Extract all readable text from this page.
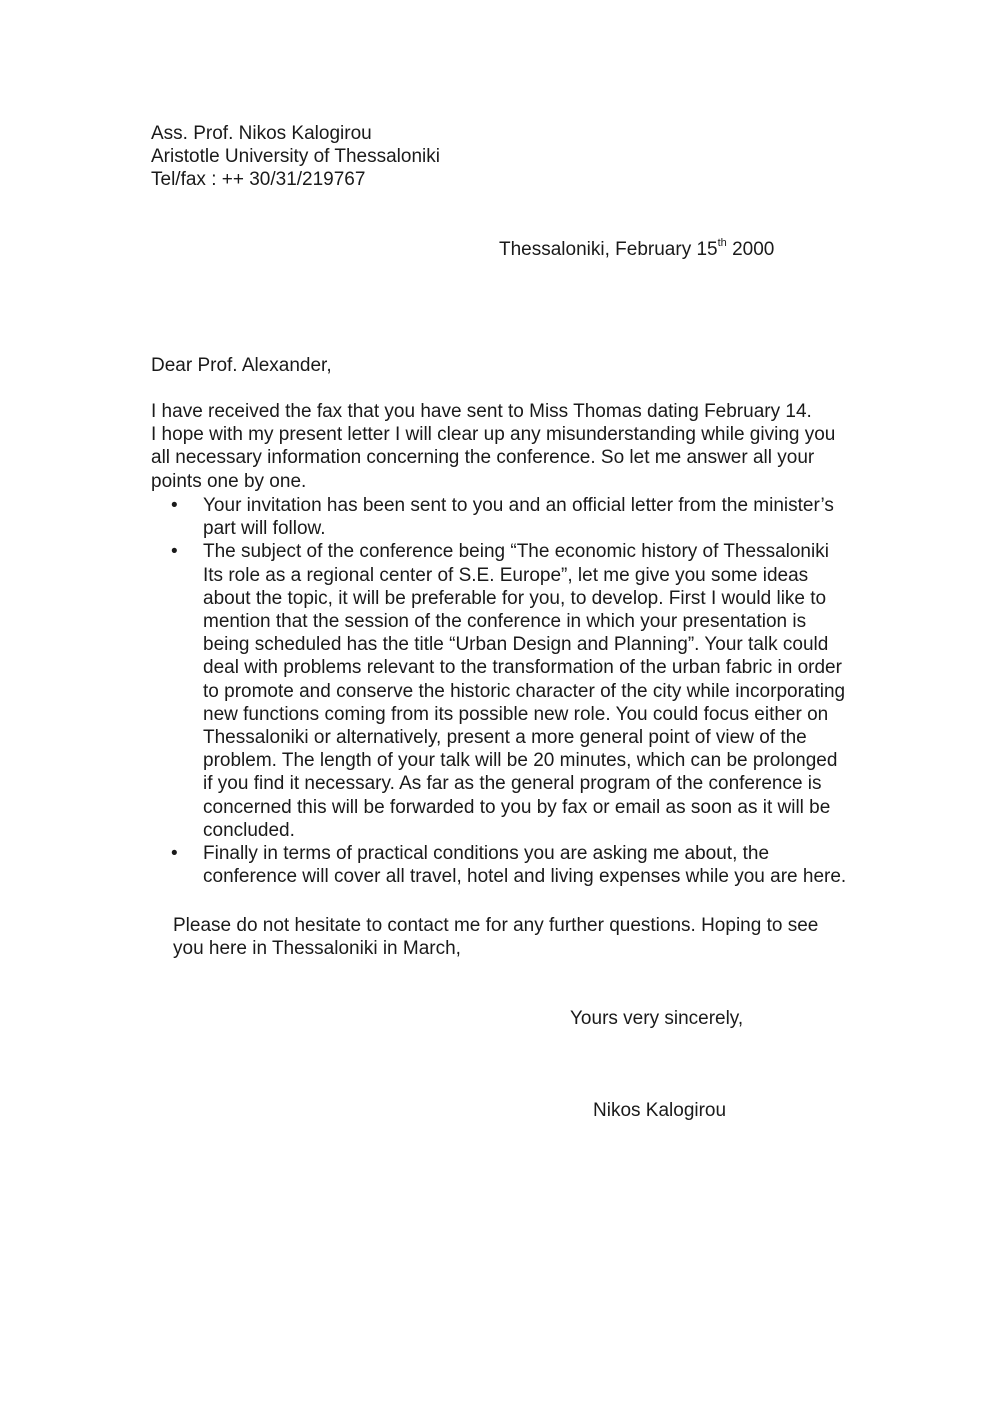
Ass. Prof. Nikos Kalogirou
Aristotle University of Thessaloniki
Tel/fax : ++ 30/31/219767
Thessaloniki, February 15th 2000
Dear Prof. Alexander,
I have received the fax that you have sent to Miss Thomas dating February 14.
I hope with my present letter I will clear up any misunderstanding while giving you
all necessary information concerning the conference. So let me answer all your
points one by one.
• Your invitation has been sent to you and an official letter from the minister’s
part will follow.
• The subject of the conference being “The economic history of Thessaloniki
Its role as a regional center of S.E. Europe”, let me give you some ideas
about the topic, it will be preferable for you, to develop. First I would like to
mention that the session of the conference in which your presentation is
being scheduled has the title “Urban Design and Planning”. Your talk could
deal with problems relevant to the transformation of the urban fabric in order
to promote and conserve the historic character of the city while incorporating
new functions coming from its possible new role. You could focus either on
Thessaloniki or alternatively, present a more general point of view of the
problem. The length of your talk will be 20 minutes, which can be prolonged
if you find it necessary. As far as the general program of the conference is
concerned this will be forwarded to you by fax or email as soon as it will be
concluded.
• Finally in terms of practical conditions you are asking me about, the
conference will cover all travel, hotel and living expenses while you are here.
Please do not hesitate to contact me for any further questions. Hoping to see
you here in Thessaloniki in March,
Yours very sincerely,
Nikos Kalogirou
